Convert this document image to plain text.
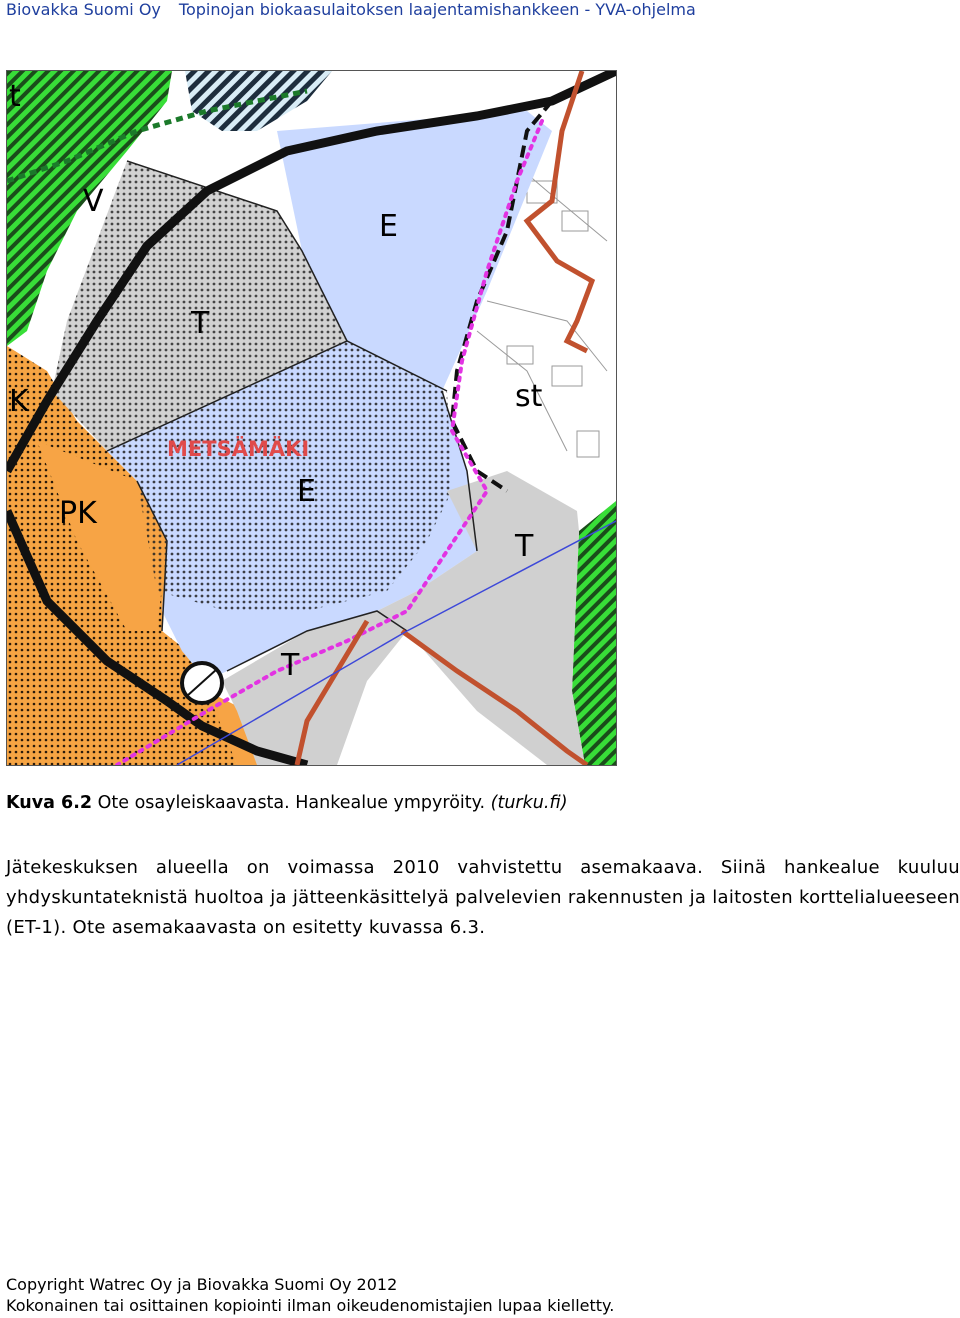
Biovakka Suomi Oy Topinojan biokaasulaitoksen laajentamishankkeen - YVA-ohjelma
E
E
T
T
T
st
PK
V
K
t
METSÄMÄKI
Kuva 6.2 Ote osayleiskaavasta. Hankealue ympyröity. (turku.fi)
Jätekeskuksen alueella on voimassa 2010 vahvistettu asemakaava. Siinä hankealue kuuluu yhdyskuntateknistä huoltoa ja jätteenkäsittelyä palvelevien rakennusten ja laitosten korttelialueeseen (ET-1). Ote asemakaavasta on esitetty kuvassa 6.3.
Copyright Watrec Oy ja Biovakka Suomi Oy 2012
Kokonainen tai osittainen kopiointi ilman oikeudenomistajien lupaa kielletty.
